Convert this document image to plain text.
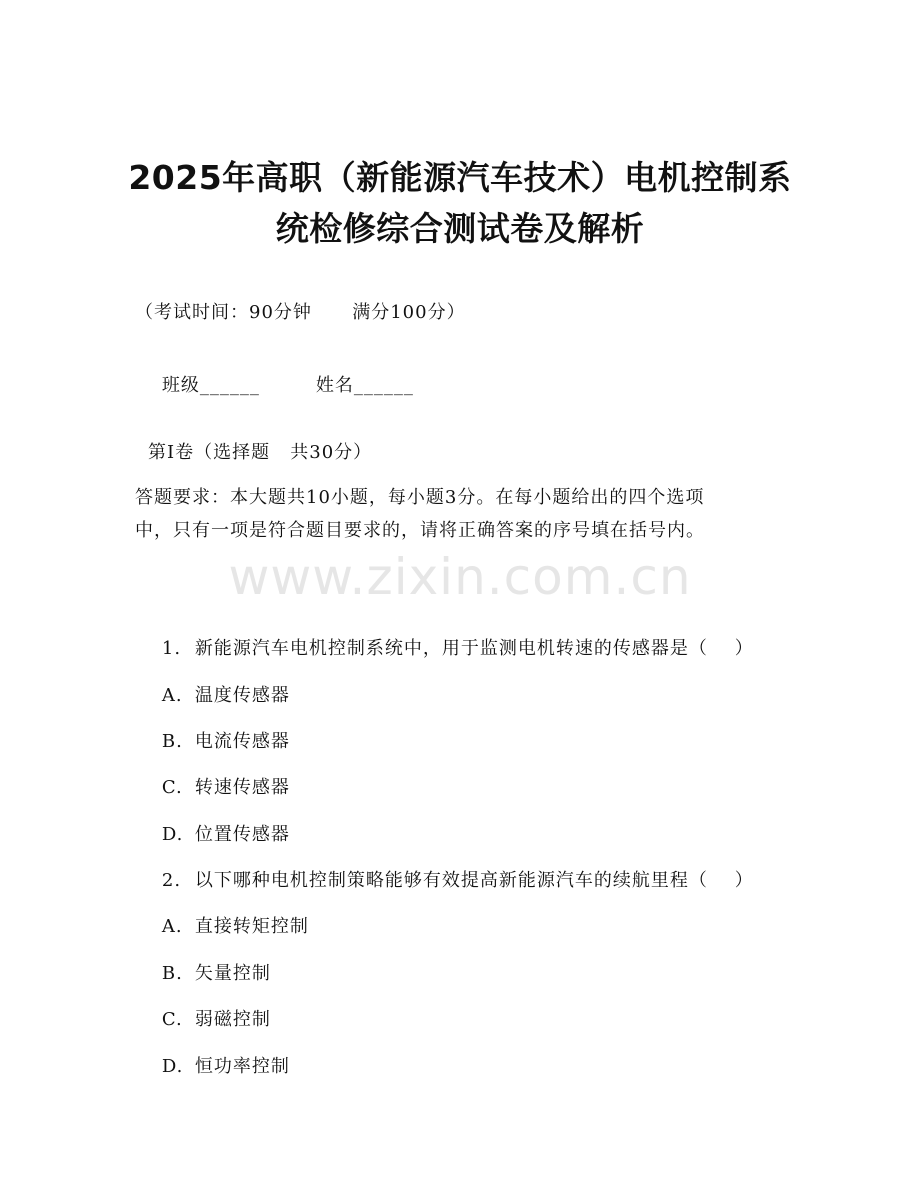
2025年高职（新能源汽车技术）电机控制系
统检修综合测试卷及解析
（考试时间：90分钟      满分100分）

班级______	姓名______

第I卷（选择题   共30分）
答题要求：本大题共10小题，每小题3分。在每小题给出的四个选项
中，只有一项是符合题目要求的，请将正确答案的序号填在括号内。
www.zixin.com.cn

1. 新能源汽车电机控制系统中，用于监测电机转速的传感器是（    ）

A. 温度传感器

B. 电流传感器

C. 转速传感器

D. 位置传感器

2. 以下哪种电机控制策略能够有效提高新能源汽车的续航里程（    ）

A. 直接转矩控制

B. 矢量控制

C. 弱磁控制

D. 恒功率控制
